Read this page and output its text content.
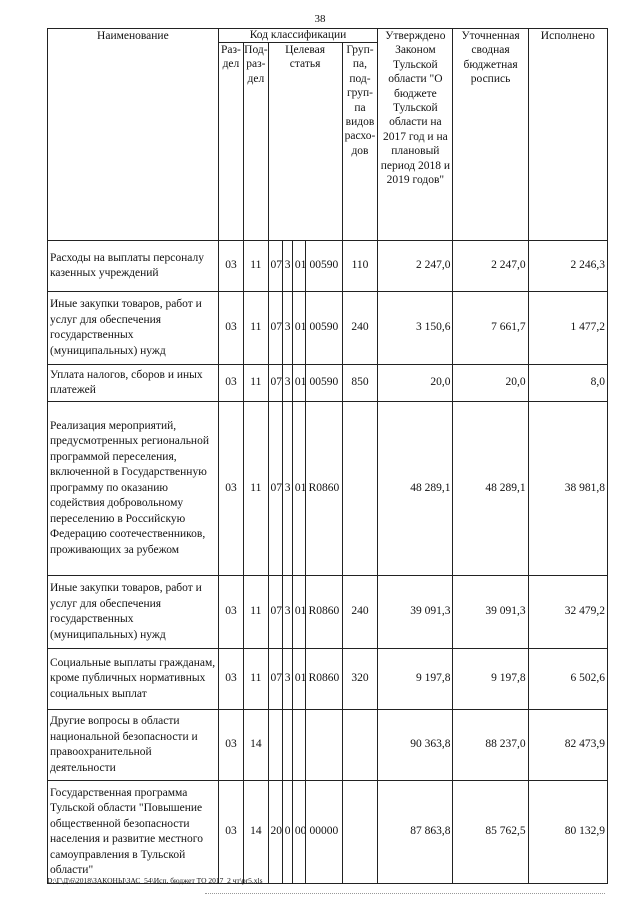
38
Наименование	Код классификации							Утверждено Законом Тульской области "О бюджете Тульской области на 2017 год и на плановый период 2018 и 2019 годов"	Уточненная сводная бюджетная роспись	Исполнено
	Раз- дел	Под- раз- дел	Целевая статья				Груп- па, под- груп- па видов расхо- дов			
Расходы на выплаты персоналу казенных учреждений	03	11	07	3	01	00590	110	2 247,0	2 247,0	2 246,3
Иные закупки товаров, работ и услуг для обеспечения государственных (муниципальных) нужд	03	11	07	3	01	00590	240	3 150,6	7 661,7	1 477,2
Уплата налогов, сборов и иных платежей	03	11	07	3	01	00590	850	20,0	20,0	8,0
Реализация мероприятий, предусмотренных региональной программой переселения, включенной в Государственную программу по оказанию содействия добровольному переселению в Российскую Федерацию соотечественников, проживающих за рубежом	03	11	07	3	01	R0860		48 289,1	48 289,1	38 981,8
Иные закупки товаров, работ и услуг для обеспечения государственных (муниципальных) нужд	03	11	07	3	01	R0860	240	39 091,3	39 091,3	32 479,2
Социальные выплаты гражданам, кроме публичных нормативных социальных выплат	03	11	07	3	01	R0860	320	9 197,8	9 197,8	6 502,6
Другие вопросы в области национальной безопасности и правоохранительной деятельности	03	14						90 363,8	88 237,0	82 473,9
Государственная программа Тульской области "Повышение общественной безопасности населения и развитие местного самоуправления в Тульской области"	03	14	20	0	00	00000		87 863,8	85 762,5	80 132,9
D:\Г\Д\6\2018\ЗАКОНЫ\ЗАС_54\Исп. бюджет ТО 2017_2 чт\pr5.xls
